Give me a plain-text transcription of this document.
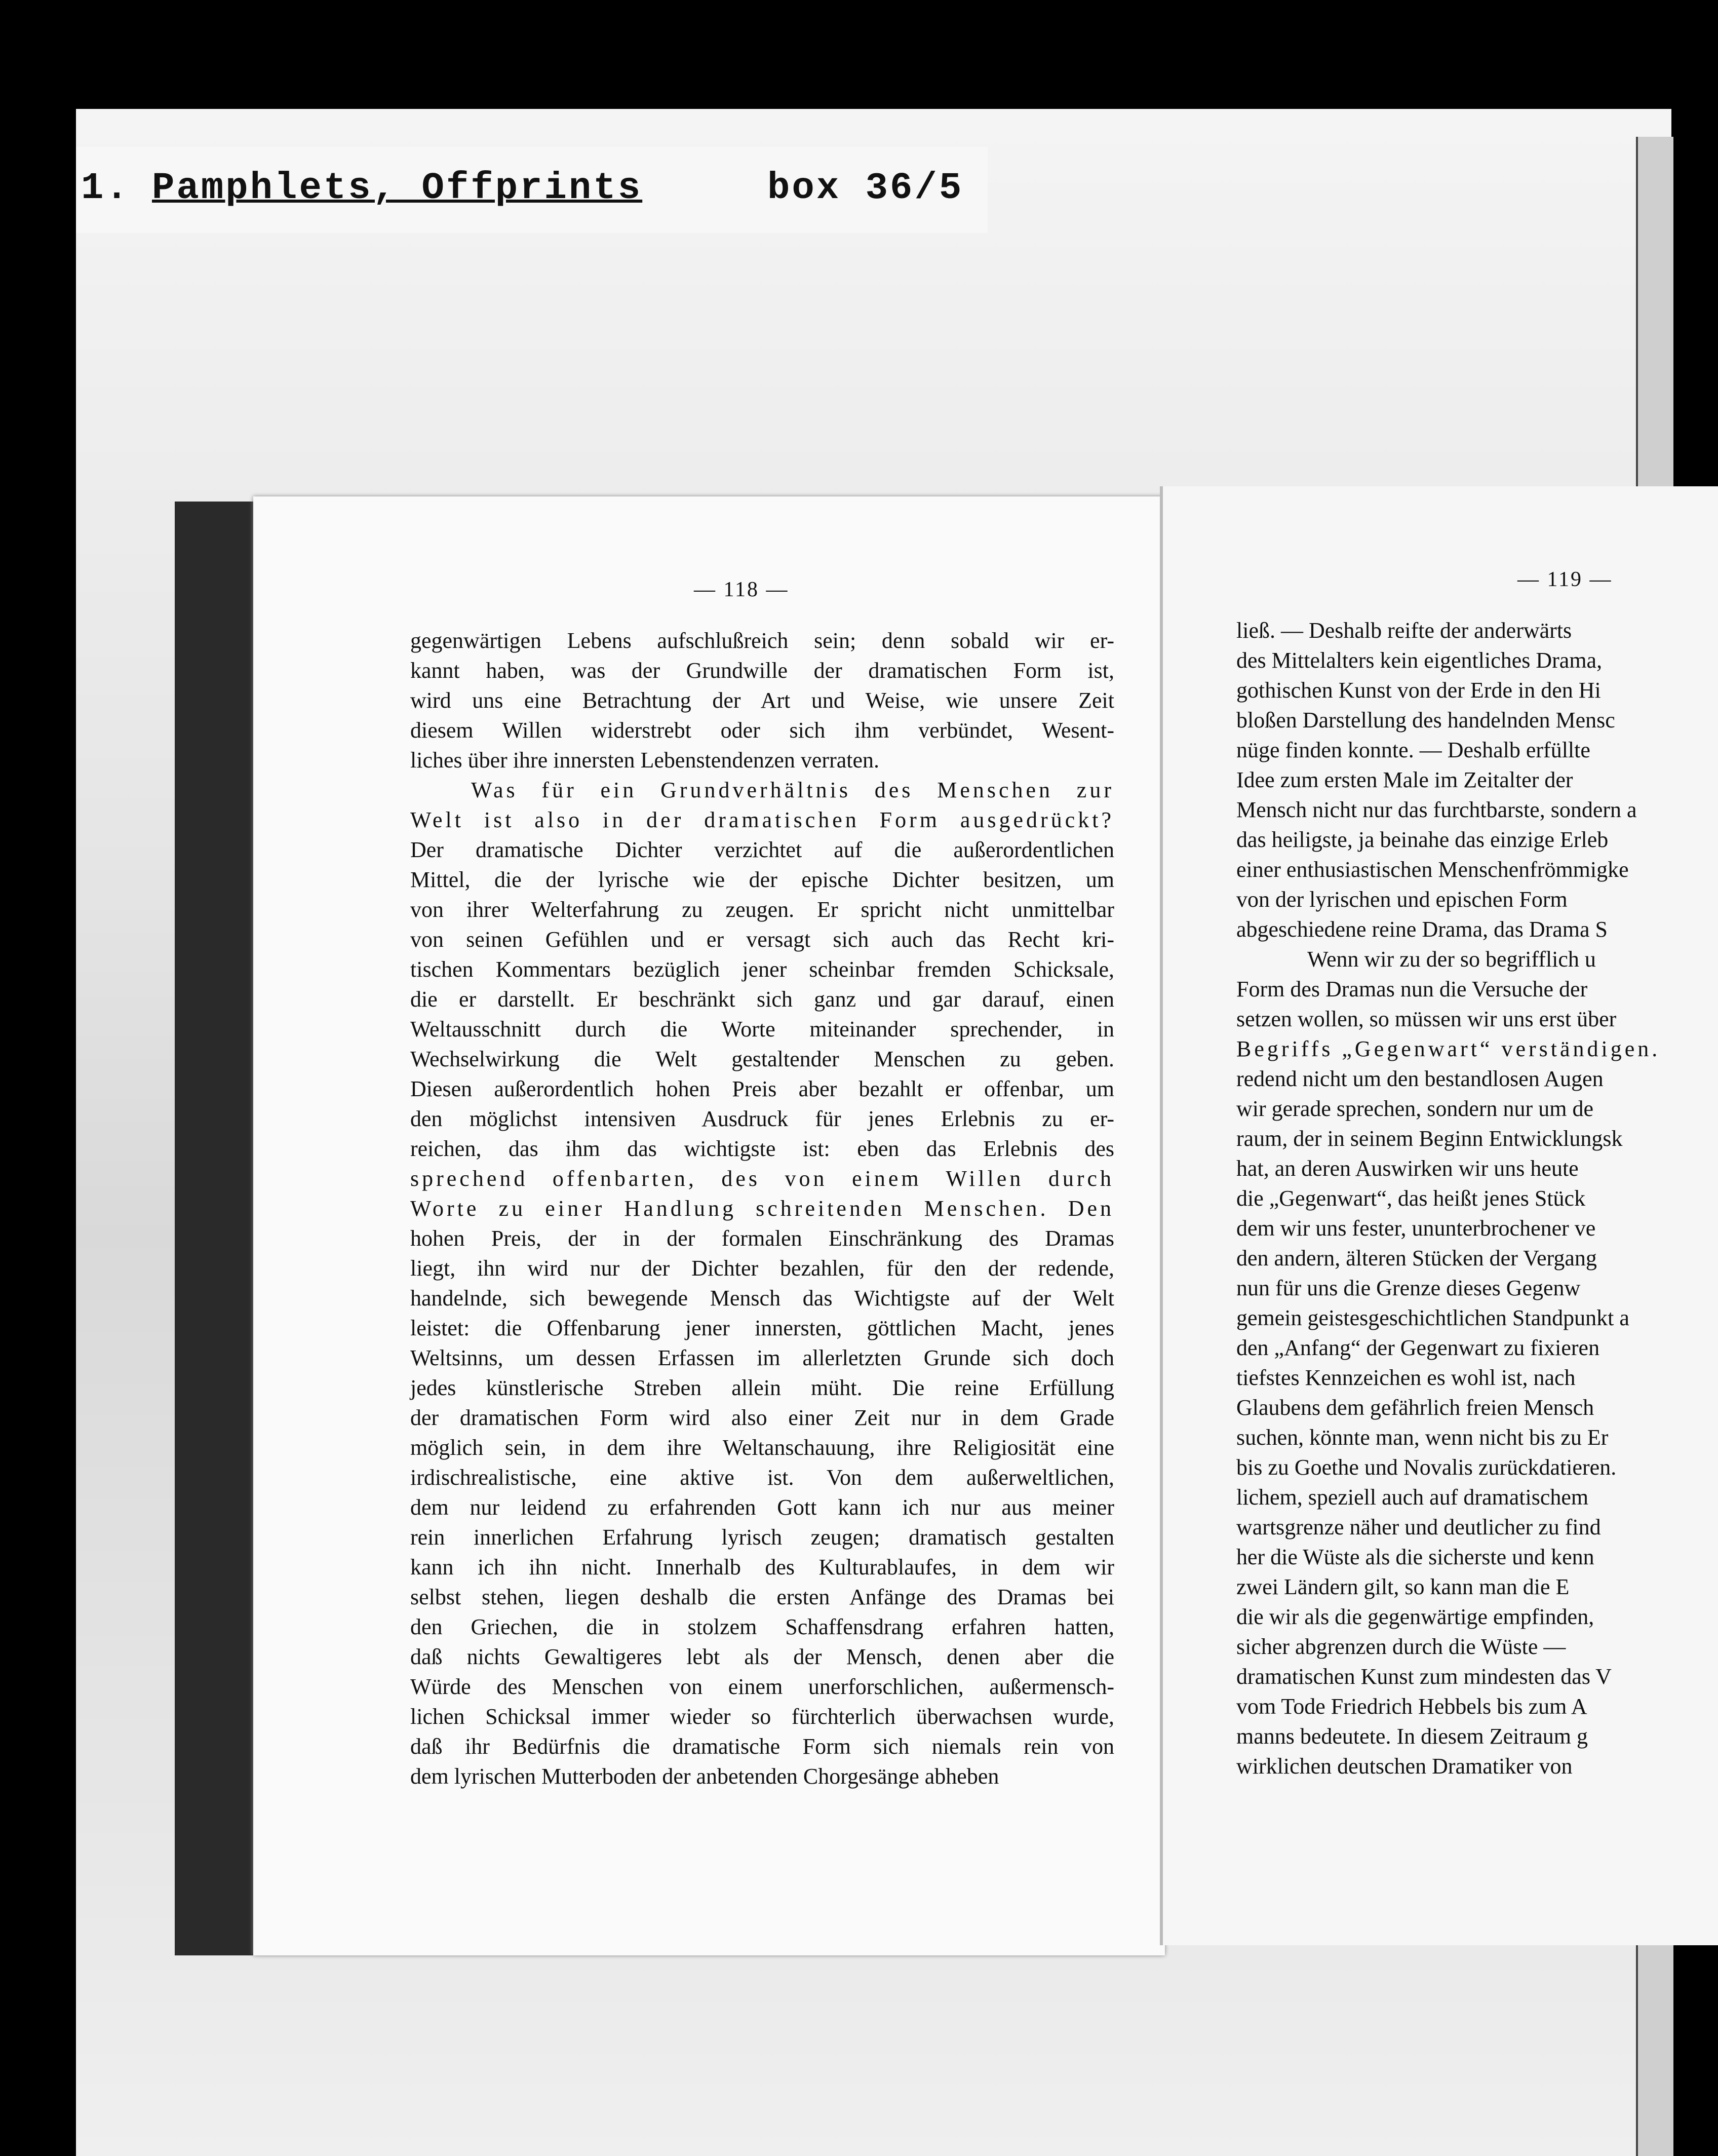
1. Pamphlets, Offprints	box 36/5
— 118 —
gegenwärtigen Lebens aufschlußreich sein; denn sobald wir er-
kannt haben, was der Grundwille der dramatischen Form ist,
wird uns eine Betrachtung der Art und Weise, wie unsere Zeit
diesem Willen widerstrebt oder sich ihm verbündet, Wesent-
liches über ihre innersten Lebenstendenzen verraten.
Was für ein Grundverhältnis des Menschen zur
Welt ist also in der dramatischen Form ausgedrückt?
Der dramatische Dichter verzichtet auf die außerordentlichen
Mittel, die der lyrische wie der epische Dichter besitzen, um
von ihrer Welterfahrung zu zeugen. Er spricht nicht unmittelbar
von seinen Gefühlen und er versagt sich auch das Recht kri-
tischen Kommentars bezüglich jener scheinbar fremden Schicksale,
die er darstellt. Er beschränkt sich ganz und gar darauf, einen
Weltausschnitt durch die Worte miteinander sprechender, in
Wechselwirkung die Welt gestaltender Menschen zu geben.
Diesen außerordentlich hohen Preis aber bezahlt er offenbar, um
den möglichst intensiven Ausdruck für jenes Erlebnis zu er-
reichen, das ihm das wichtigste ist: eben das Erlebnis des
sprechend offenbarten, des von einem Willen durch
Worte zu einer Handlung schreitenden Menschen. Den
hohen Preis, der in der formalen Einschränkung des Dramas
liegt, ihn wird nur der Dichter bezahlen, für den der redende,
handelnde, sich bewegende Mensch das Wichtigste auf der Welt
leistet: die Offenbarung jener innersten, göttlichen Macht, jenes
Weltsinns, um dessen Erfassen im allerletzten Grunde sich doch
jedes künstlerische Streben allein müht. Die reine Erfüllung
der dramatischen Form wird also einer Zeit nur in dem Grade
möglich sein, in dem ihre Weltanschauung, ihre Religiosität eine
irdischrealistische, eine aktive ist. Von dem außerweltlichen,
dem nur leidend zu erfahrenden Gott kann ich nur aus meiner
rein innerlichen Erfahrung lyrisch zeugen; dramatisch gestalten
kann ich ihn nicht. Innerhalb des Kulturablaufes, in dem wir
selbst stehen, liegen deshalb die ersten Anfänge des Dramas bei
den Griechen, die in stolzem Schaffensdrang erfahren hatten,
daß nichts Gewaltigeres lebt als der Mensch, denen aber die
Würde des Menschen von einem unerforschlichen, außermensch-
lichen Schicksal immer wieder so fürchterlich überwachsen wurde,
daß ihr Bedürfnis die dramatische Form sich niemals rein von
dem lyrischen Mutterboden der anbetenden Chorgesänge abheben
— 119 —
ließ. — Deshalb reifte der anderwärts
des Mittelalters kein eigentliches Drama,
gothischen Kunst von der Erde in den Hi
bloßen Darstellung des handelnden Mensc
nüge finden konnte. — Deshalb erfüllte
Idee zum ersten Male im Zeitalter der
Mensch nicht nur das furchtbarste, sondern a
das heiligste, ja beinahe das einzige Erleb
einer enthusiastischen Menschenfrömmigke
von der lyrischen und epischen Form
abgeschiedene reine Drama, das Drama S
Wenn wir zu der so begrifflich u
Form des Dramas nun die Versuche der
setzen wollen, so müssen wir uns erst über
Begriffs „Gegenwart“ verständigen.
redend nicht um den bestandlosen Augen
wir gerade sprechen, sondern nur um de
raum, der in seinem Beginn Entwicklungsk
hat, an deren Auswirken wir uns heute
die „Gegenwart“, das heißt jenes Stück
dem wir uns fester, ununterbrochener ve
den andern, älteren Stücken der Vergang
nun für uns die Grenze dieses Gegenw
gemein geistesgeschichtlichen Standpunkt a
den „Anfang“ der Gegenwart zu fixieren
tiefstes Kennzeichen es wohl ist, nach
Glaubens dem gefährlich freien Mensch
suchen, könnte man, wenn nicht bis zu Er
bis zu Goethe und Novalis zurückdatieren.
lichem, speziell auch auf dramatischem
wartsgrenze näher und deutlicher zu find
her die Wüste als die sicherste und kenn
zwei Ländern gilt, so kann man die E
die wir als die gegenwärtige empfinden,
sicher abgrenzen durch die Wüste —
dramatischen Kunst zum mindesten das V
vom Tode Friedrich Hebbels bis zum A
manns bedeutete. In diesem Zeitraum g
wirklichen deutschen Dramatiker von
